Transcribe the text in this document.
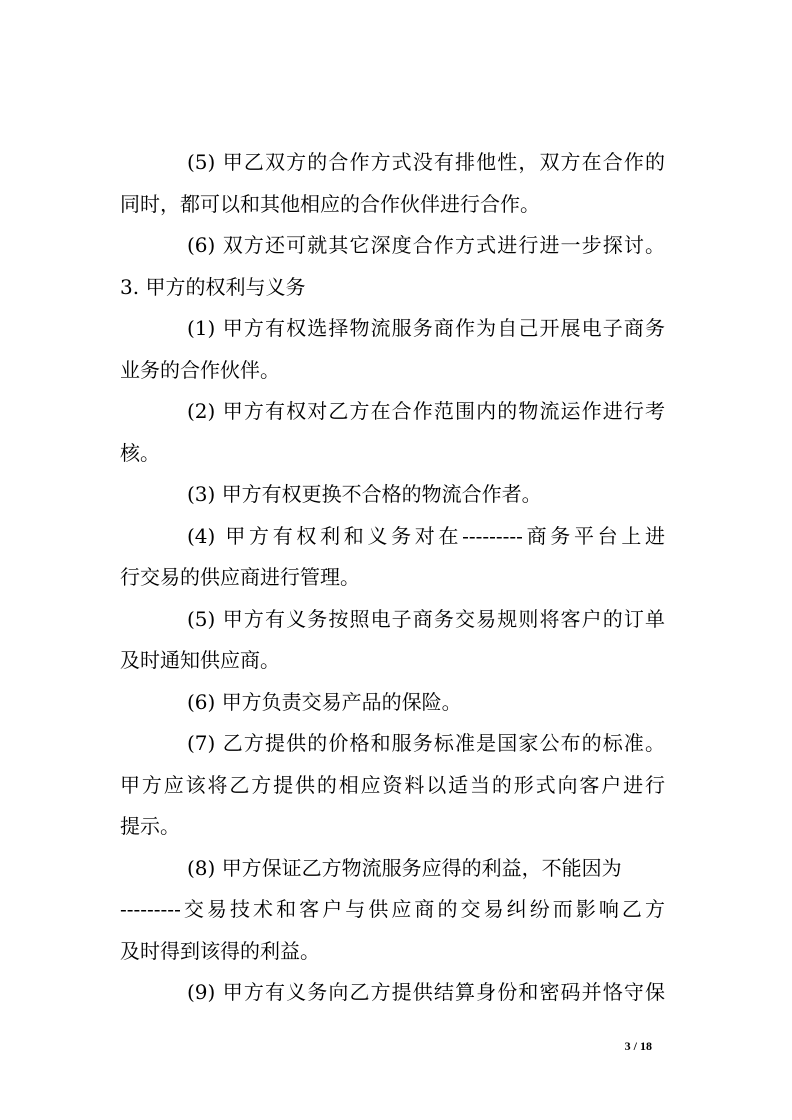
(5) 甲乙双方的合作方式没有排他性，双方在合作的
同时，都可以和其他相应的合作伙伴进行合作。
(6) 双方还可就其它深度合作方式进行进一步探讨。
3. 甲方的权利与义务
(1) 甲方有权选择物流服务商作为自己开展电子商务
业务的合作伙伴。
(2) 甲方有权对乙方在合作范围内的物流运作进行考
核。
(3) 甲方有权更换不合格的物流合作者。
(4) 甲方有权利和义务对在---------商务平台上进
行交易的供应商进行管理。
(5) 甲方有义务按照电子商务交易规则将客户的订单
及时通知供应商。
(6) 甲方负责交易产品的保险。
(7) 乙方提供的价格和服务标准是国家公布的标准。
甲方应该将乙方提供的相应资料以适当的形式向客户进行
提示。
(8) 甲方保证乙方物流服务应得的利益，不能因为
---------交易技术和客户与供应商的交易纠纷而影响乙方
及时得到该得的利益。
(9) 甲方有义务向乙方提供结算身份和密码并恪守保
3 / 18
